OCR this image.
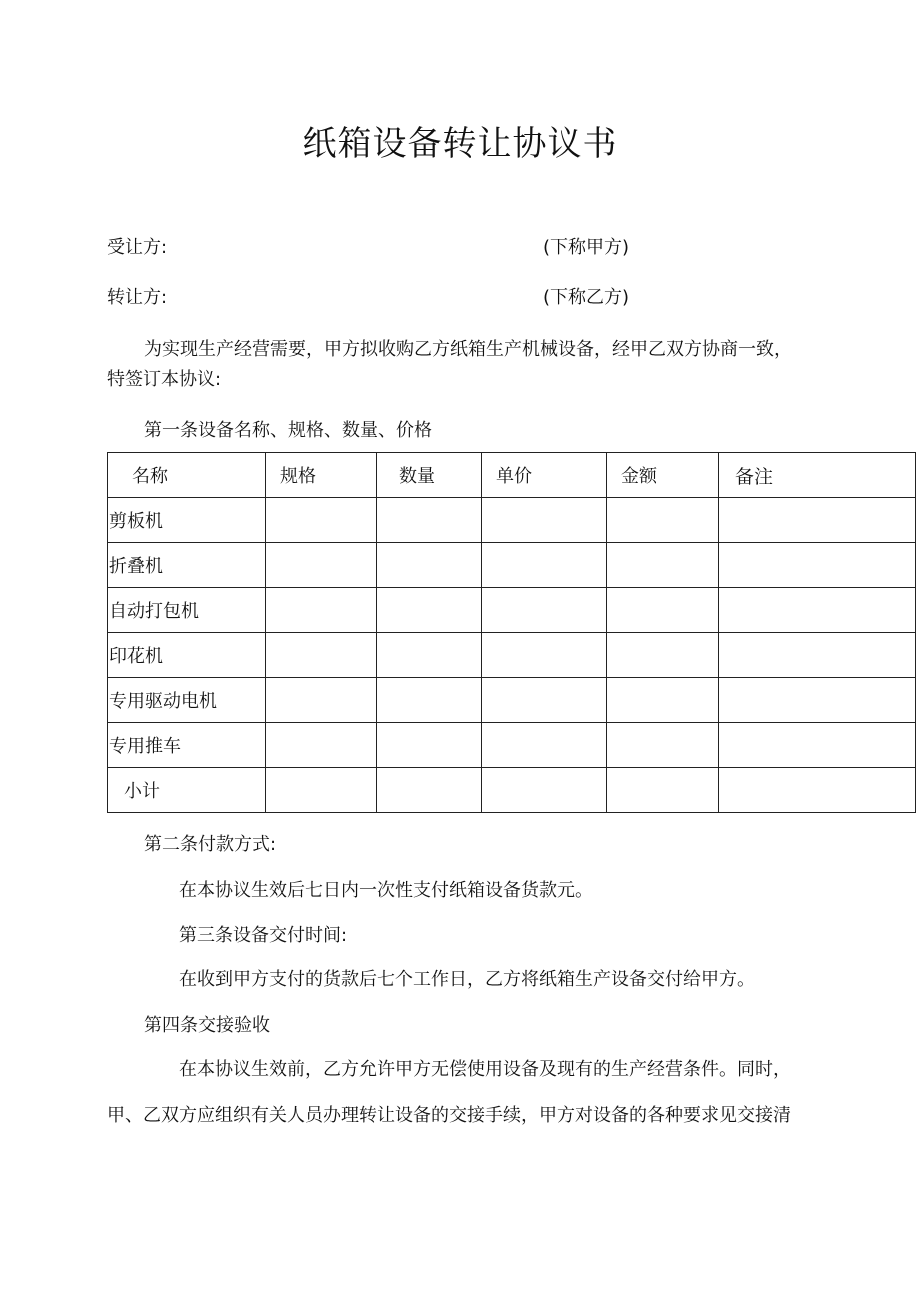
纸箱设备转让协议书
受让方:	(下称甲方)
转让方:	(下称乙方)
为实现生产经营需要，甲方拟收购乙方纸箱生产机械设备，经甲乙双方协商一致，
特签订本协议:
第一条设备名称、规格、数量、价格
名称	规格	数量	单价	金额	备注
剪板机					
折叠机					
自动打包机					
印花机					
专用驱动电机					
专用推车					
小计					
第二条付款方式:
在本协议生效后七日内一次性支付纸箱设备货款元。
第三条设备交付时间:
在收到甲方支付的货款后七个工作日，乙方将纸箱生产设备交付给甲方。
第四条交接验收
在本协议生效前，乙方允许甲方无偿使用设备及现有的生产经营条件。同时，
甲、乙双方应组织有关人员办理转让设备的交接手续，甲方对设备的各种要求见交接清
